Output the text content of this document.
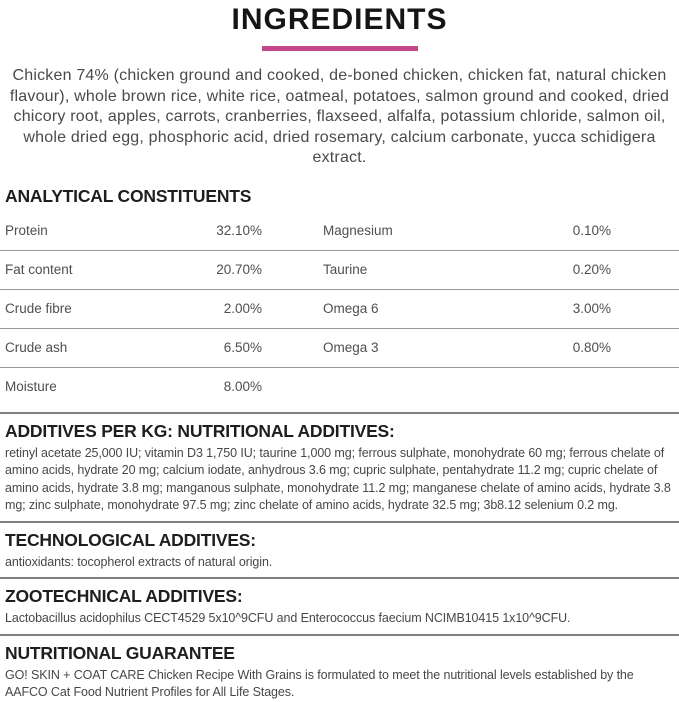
INGREDIENTS

Chicken 74% (chicken ground and cooked, de-boned chicken, chicken fat, natural chicken flavour), whole brown rice, white rice, oatmeal, potatoes, salmon ground and cooked, dried chicory root, apples, carrots, cranberries, flaxseed, alfalfa, potassium chloride, salmon oil, whole dried egg, phosphoric acid, dried rosemary, calcium carbonate, yucca schidigera extract.

ANALYTICAL CONSTITUENTS
Protein	32.10%	Magnesium	0.10%
Fat content	20.70%	Taurine	0.20%
Crude fibre	2.00%	Omega 6	3.00%
Crude ash	6.50%	Omega 3	0.80%
Moisture	8.00%
ADDITIVES PER KG: NUTRITIONAL ADDITIVES:

retinyl acetate 25,000 IU; vitamin D3 1,750 IU; taurine 1,000 mg; ferrous sulphate, monohydrate 60 mg; ferrous chelate of amino acids, hydrate 20 mg; calcium iodate, anhydrous 3.6 mg; cupric sulphate, pentahydrate 11.2 mg; cupric chelate of amino acids, hydrate 3.8 mg; manganous sulphate, monohydrate 11.2 mg; manganese chelate of amino acids, hydrate 3.8 mg; zinc sulphate, monohydrate 97.5 mg; zinc chelate of amino acids, hydrate 32.5 mg; 3b8.12 selenium 0.2 mg.

TECHNOLOGICAL ADDITIVES:

antioxidants: tocopherol extracts of natural origin.

ZOOTECHNICAL ADDITIVES:

Lactobacillus acidophilus CECT4529 5x10^9CFU and Enterococcus faecium NCIMB10415 1x10^9CFU.

NUTRITIONAL GUARANTEE

GO! SKIN + COAT CARE Chicken Recipe With Grains is formulated to meet the nutritional levels established by the AAFCO Cat Food Nutrient Profiles for All Life Stages.
